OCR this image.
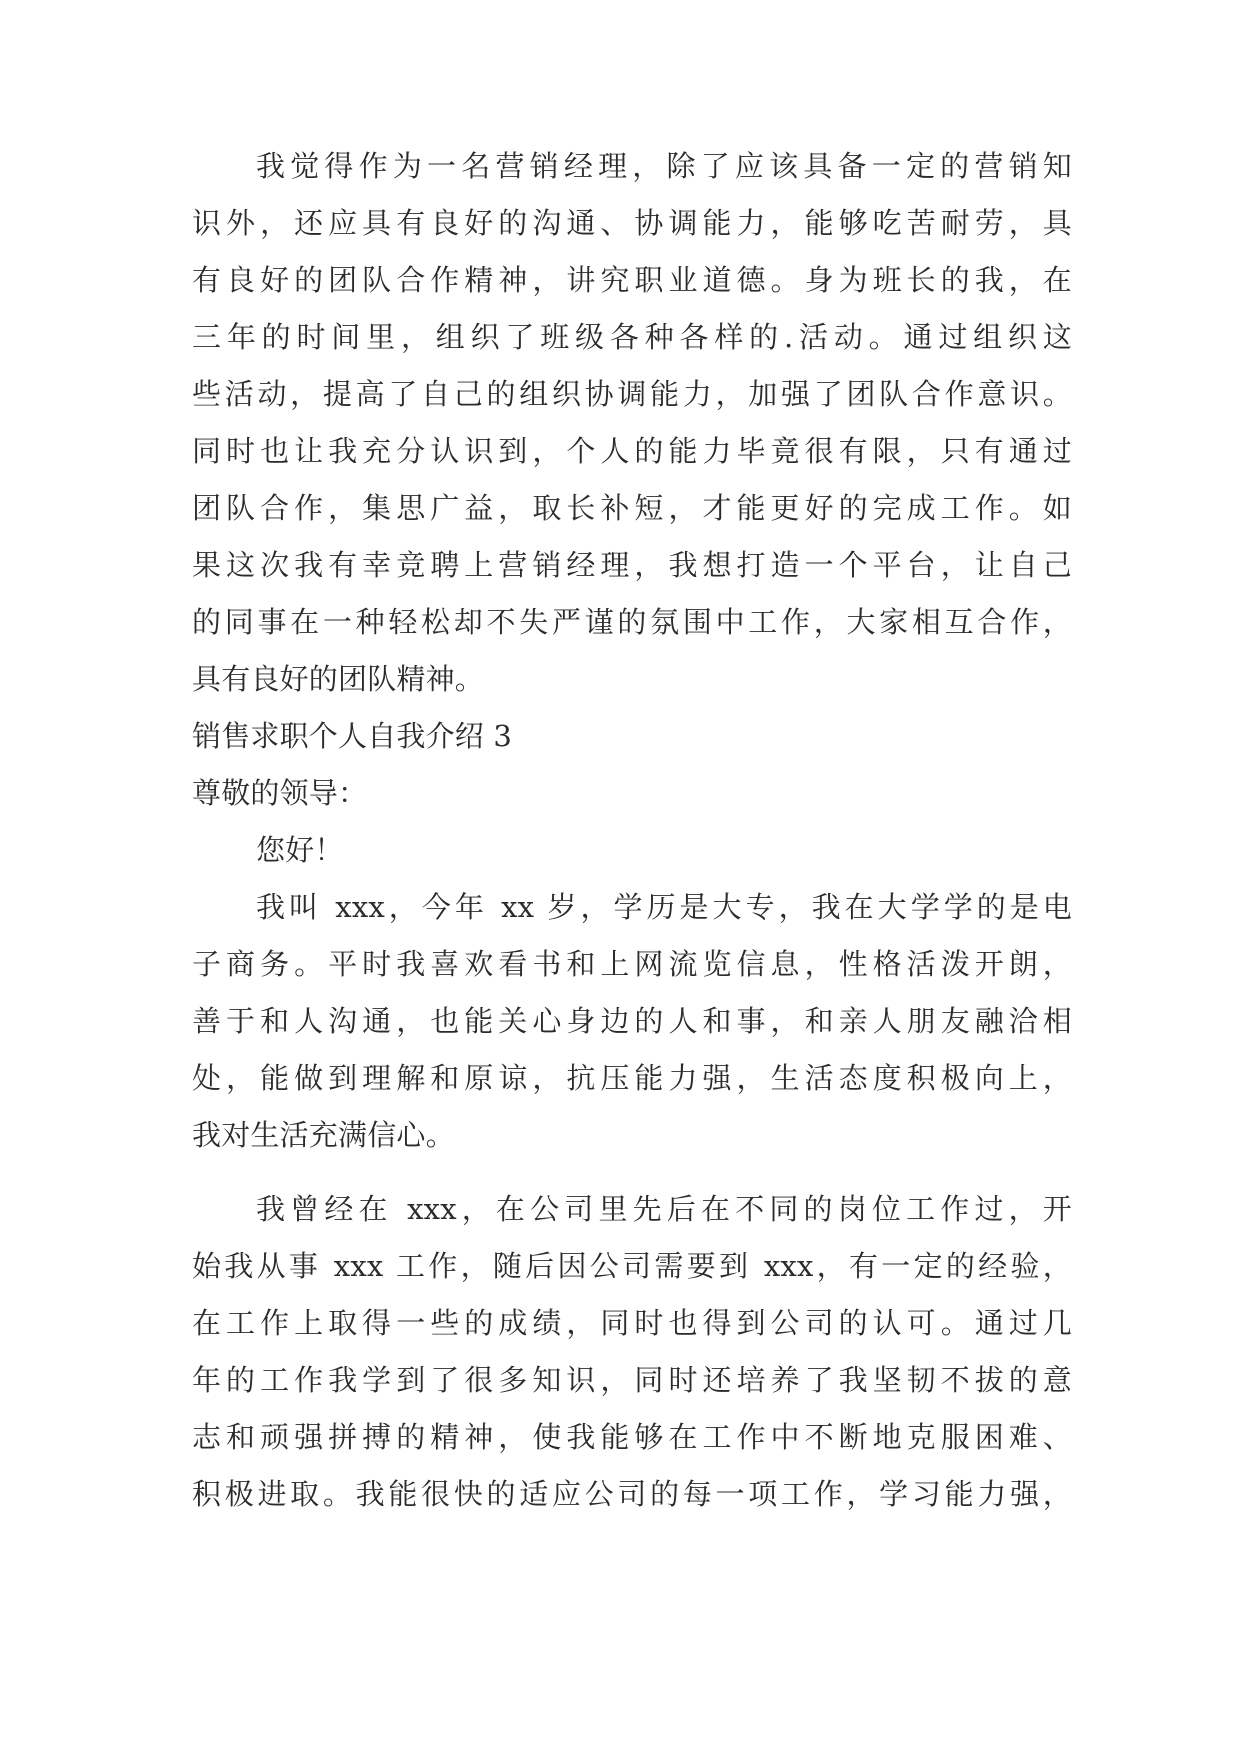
我觉得作为一名营销经理，除了应该具备一定的营销知
识外，还应具有良好的沟通、协调能力，能够吃苦耐劳，具
有良好的团队合作精神，讲究职业道德。身为班长的我，在
三年的时间里，组织了班级各种各样的.活动。通过组织这
些活动，提高了自己的组织协调能力，加强了团队合作意识。
同时也让我充分认识到，个人的能力毕竟很有限，只有通过
团队合作，集思广益，取长补短，才能更好的完成工作。如
果这次我有幸竞聘上营销经理，我想打造一个平台，让自己
的同事在一种轻松却不失严谨的氛围中工作，大家相互合作，
具有良好的团队精神。
销售求职个人自我介绍 3
尊敬的领导：
您好！
我叫 xxx，今年 xx 岁，学历是大专，我在大学学的是电
子商务。平时我喜欢看书和上网流览信息，性格活泼开朗，
善于和人沟通，也能关心身边的人和事，和亲人朋友融洽相
处，能做到理解和原谅，抗压能力强，生活态度积极向上，
我对生活充满信心。
我曾经在 xxx，在公司里先后在不同的岗位工作过，开
始我从事 xxx 工作，随后因公司需要到 xxx，有一定的经验，
在工作上取得一些的成绩，同时也得到公司的认可。通过几
年的工作我学到了很多知识，同时还培养了我坚韧不拔的意
志和顽强拼搏的精神，使我能够在工作中不断地克服困难、
积极进取。我能很快的适应公司的每一项工作，学习能力强，
